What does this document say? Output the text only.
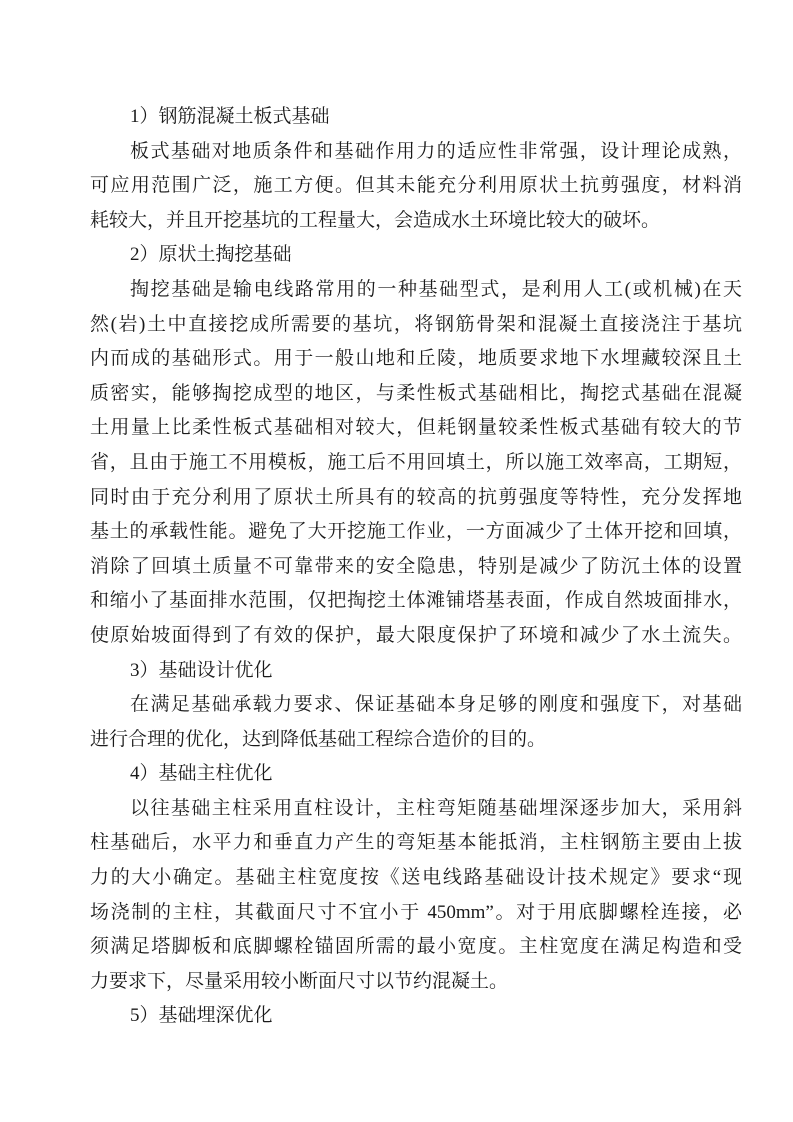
1）钢筋混凝土板式基础
板式基础对地质条件和基础作用力的适应性非常强，设计理论成熟，
可应用范围广泛，施工方便。但其未能充分利用原状土抗剪强度，材料消
耗较大，并且开挖基坑的工程量大，会造成水土环境比较大的破坏。
2）原状土掏挖基础
掏挖基础是输电线路常用的一种基础型式，是利用人工(或机械)在天
然(岩)土中直接挖成所需要的基坑，将钢筋骨架和混凝土直接浇注于基坑
内而成的基础形式。用于一般山地和丘陵，地质要求地下水埋藏较深且土
质密实，能够掏挖成型的地区，与柔性板式基础相比，掏挖式基础在混凝
土用量上比柔性板式基础相对较大，但耗钢量较柔性板式基础有较大的节
省，且由于施工不用模板，施工后不用回填土，所以施工效率高，工期短，
同时由于充分利用了原状土所具有的较高的抗剪强度等特性，充分发挥地
基土的承载性能。避免了大开挖施工作业，一方面减少了土体开挖和回填，
消除了回填土质量不可靠带来的安全隐患，特别是减少了防沉土体的设置
和缩小了基面排水范围，仅把掏挖土体滩铺塔基表面，作成自然坡面排水，
使原始坡面得到了有效的保护，最大限度保护了环境和减少了水土流失。
3）基础设计优化
在满足基础承载力要求、保证基础本身足够的刚度和强度下，对基础
进行合理的优化，达到降低基础工程综合造价的目的。
4）基础主柱优化
以往基础主柱采用直柱设计，主柱弯矩随基础埋深逐步加大，采用斜
柱基础后，水平力和垂直力产生的弯矩基本能抵消，主柱钢筋主要由上拔
力的大小确定。基础主柱宽度按《送电线路基础设计技术规定》要求“现
场浇制的主柱，其截面尺寸不宜小于 450mm”。对于用底脚螺栓连接，必
须满足塔脚板和底脚螺栓锚固所需的最小宽度。主柱宽度在满足构造和受
力要求下，尽量采用较小断面尺寸以节约混凝土。
5）基础埋深优化
